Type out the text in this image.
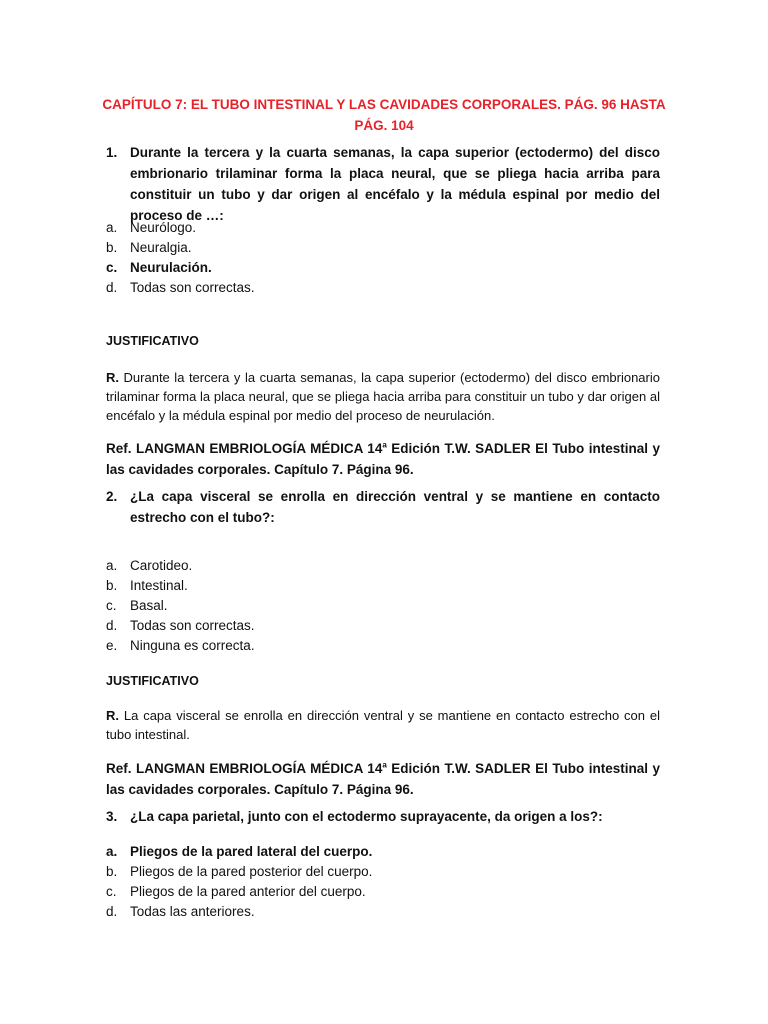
CAPÍTULO 7: EL TUBO INTESTINAL Y LAS CAVIDADES CORPORALES. PÁG. 96 HASTA PÁG. 104
1. Durante la tercera y la cuarta semanas, la capa superior (ectodermo) del disco embrionario trilaminar forma la placa neural, que se pliega hacia arriba para constituir un tubo y dar origen al encéfalo y la médula espinal por medio del proceso de …:
a. Neurólogo.
b. Neuralgia.
c. Neurulación.
d. Todas son correctas.
JUSTIFICATIVO
R. Durante la tercera y la cuarta semanas, la capa superior (ectodermo) del disco embrionario trilaminar forma la placa neural, que se pliega hacia arriba para constituir un tubo y dar origen al encéfalo y la médula espinal por medio del proceso de neurulación.
Ref. LANGMAN EMBRIOLOGÍA MÉDICA 14$^a$ Edición T.W. SADLER El Tubo intestinal y las cavidades corporales. Capítulo 7. Página 96.
2. ¿La capa visceral se enrolla en dirección ventral y se mantiene en contacto estrecho con el tubo?:
a. Carotideo.
b. Intestinal.
c. Basal.
d. Todas son correctas.
e. Ninguna es correcta.
JUSTIFICATIVO
R. La capa visceral se enrolla en dirección ventral y se mantiene en contacto estrecho con el tubo intestinal.
Ref. LANGMAN EMBRIOLOGÍA MÉDICA 14$^a$ Edición T.W. SADLER El Tubo intestinal y las cavidades corporales. Capítulo 7. Página 96.
3. ¿La capa parietal, junto con el ectodermo suprayacente, da origen a los?:
a. Pliegos de la pared lateral del cuerpo.
b. Pliegos de la pared posterior del cuerpo.
c. Pliegos de la pared anterior del cuerpo.
d. Todas las anteriores.
